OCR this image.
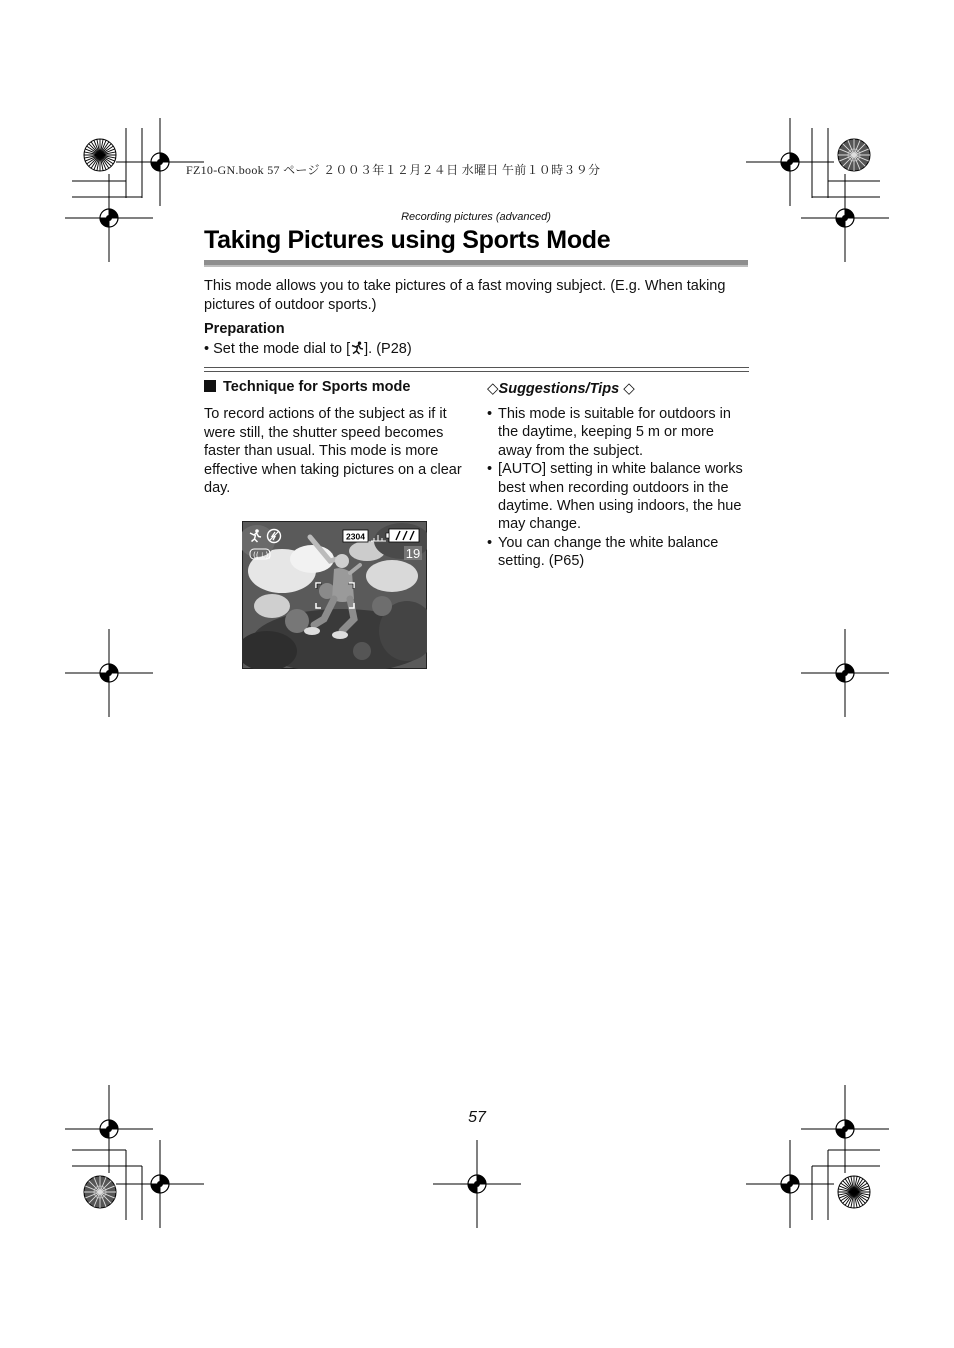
FZ10-GN.book 57 ページ ２００３年１２月２４日 水曜日 午前１０時３９分
Recording pictures (advanced)
Taking Pictures using Sports Mode

This mode allows you to take pictures of a fast moving subject. (E.g. When taking pictures of outdoor sports.)

Preparation

• Set the mode dial to [ ]. (P28)
Technique for Sports mode

To record actions of the subject as if it were still, the shutter speed becomes faster than usual. This mode is more effective when taking pictures on a clear day.

◇Suggestions/Tips ◇
• This mode is suitable for outdoors in the daytime, keeping 5 m or more away from the subject.
• [AUTO] setting in white balance works best when recording outdoors in the daytime. When using indoors, the hue may change.
• You can change the white balance setting. (P65)
((⊥))
2304
19
57
